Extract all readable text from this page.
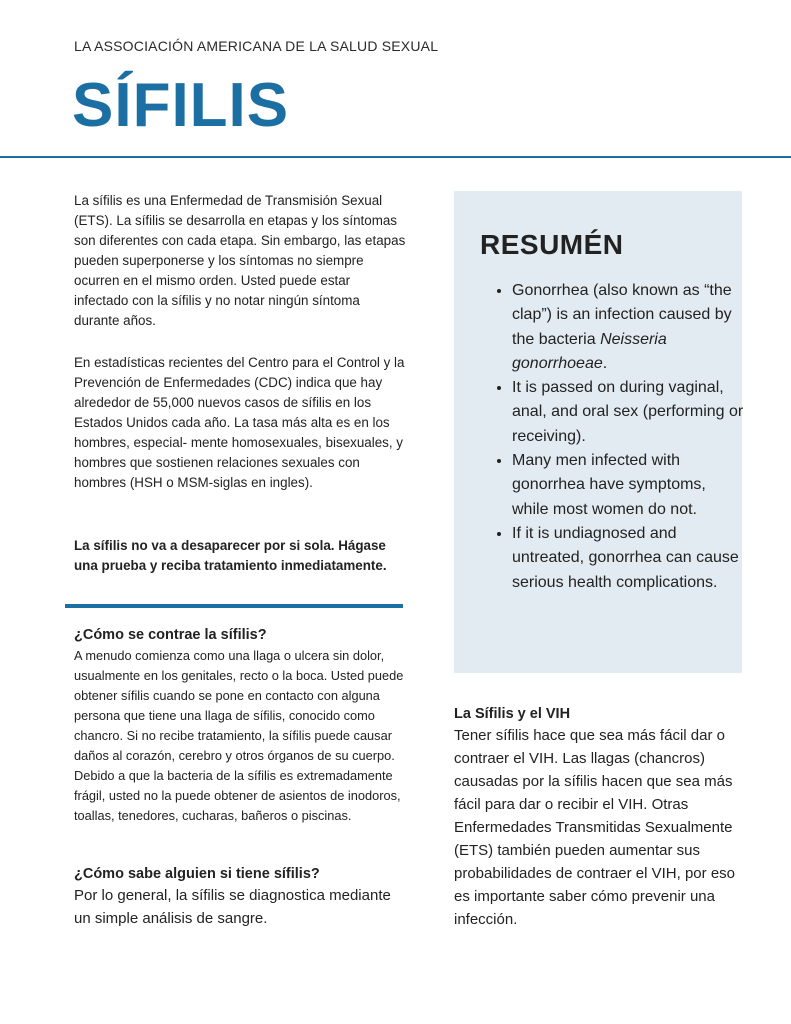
LA ASSOCIACIÓN AMERICANA DE LA SALUD SEXUAL
SÍFILIS

La sífilis es una Enfermedad de Transmisión Sexual (ETS). La sífilis se desarrolla en etapas y los síntomas son diferentes con cada etapa. Sin embargo, las etapas pueden superponerse y los síntomas no siempre ocurren en el mismo orden. Usted puede estar infectado con la sífilis y no notar ningún síntoma durante años.

En estadísticas recientes del Centro para el Control y la Prevención de Enfermedades (CDC) indica que hay alrededor de 55,000 nuevos casos de sífilis en los Estados Unidos cada año. La tasa más alta es en los hombres, especial- mente homosexuales, bisexuales, y hombres que sostienen relaciones sexuales con hombres (HSH o MSM-siglas en ingles).

La sífilis no va a desaparecer por si sola. Hágase una prueba y reciba tratamiento inmediatamente.

¿Cómo se contrae la sífilis?

A menudo comienza como una llaga o ulcera sin dolor, usualmente en los genitales, recto o la boca. Usted puede obtener sífilis cuando se pone en contacto con alguna persona que tiene una llaga de sífilis, conocido como chancro. Si no recibe tratamiento, la sífilis puede causar daños al corazón, cerebro y otros órganos de su cuerpo. Debido a que la bacteria de la sífilis es extremadamente frágil, usted no la puede obtener de asientos de inodoros, toallas, tenedores, cucharas, bañeros o piscinas.

¿Cómo sabe alguien si tiene sífilis?

Por lo general, la sífilis se diagnostica mediante un simple análisis de sangre.

RESUMÉN
• Gonorrhea (also known as “the clap”) is an infection caused by the bacteria Neisseria gonorrhoeae.
• It is passed on during vaginal, anal, and oral sex (performing or receiving).
• Many men infected with gonorrhea have symptoms, while most women do not.
• If it is undiagnosed and untreated, gonorrhea can cause serious health complications.

La Sífilis y el VIH

Tener sífilis hace que sea más fácil dar o contraer el VIH. Las llagas (chancros) causadas por la sífilis hacen que sea más fácil para dar o recibir el VIH. Otras Enfermedades Transmitidas Sexualmente (ETS) también pueden aumentar sus probabilidades de contraer el VIH, por eso es importante saber cómo prevenir una infección.
